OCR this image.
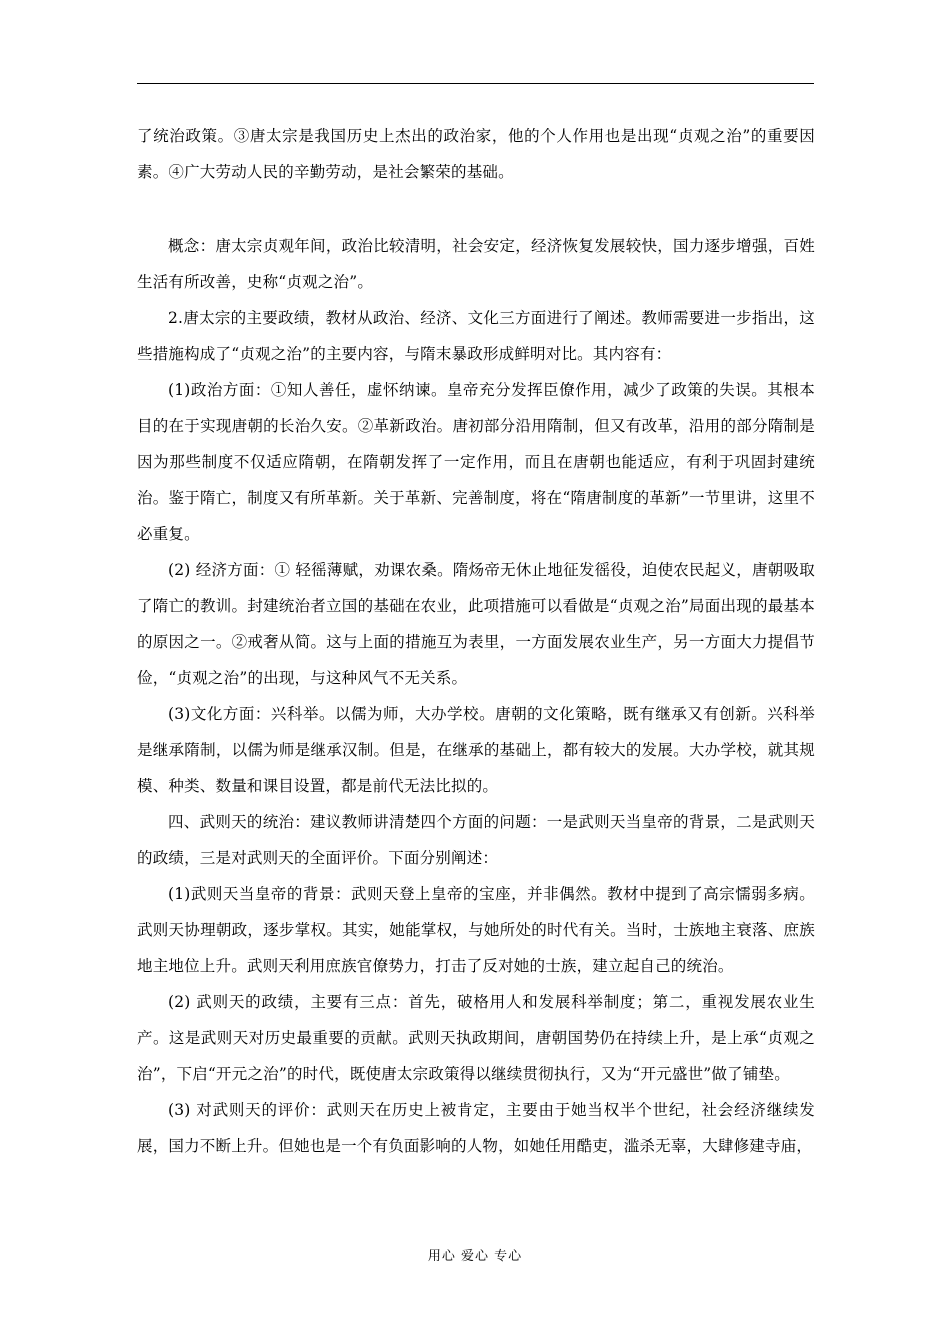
了统治政策。③唐太宗是我国历史上杰出的政治家，他的个人作用也是出现“贞观之治”的重要因素。④广大劳动人民的辛勤劳动，是社会繁荣的基础。

概念：唐太宗贞观年间，政治比较清明，社会安定，经济恢复发展较快，国力逐步增强，百姓生活有所改善，史称“贞观之治”。

2.唐太宗的主要政绩，教材从政治、经济、文化三方面进行了阐述。教师需要进一步指出，这些措施构成了“贞观之治”的主要内容，与隋末暴政形成鲜明对比。其内容有：

(1)政治方面：①知人善任，虚怀纳谏。皇帝充分发挥臣僚作用，减少了政策的失误。其根本目的在于实现唐朝的长治久安。②革新政治。唐初部分沿用隋制，但又有改革，沿用的部分隋制是因为那些制度不仅适应隋朝，在隋朝发挥了一定作用，而且在唐朝也能适应，有利于巩固封建统治。鉴于隋亡，制度又有所革新。关于革新、完善制度，将在“隋唐制度的革新”一节里讲，这里不必重复。

(2) 经济方面：① 轻徭薄赋，劝课农桑。隋炀帝无休止地征发徭役，迫使农民起义，唐朝吸取了隋亡的教训。封建统治者立国的基础在农业，此项措施可以看做是“贞观之治”局面出现的最基本的原因之一。②戒奢从简。这与上面的措施互为表里，一方面发展农业生产，另一方面大力提倡节俭，“贞观之治”的出现，与这种风气不无关系。

(3)文化方面：兴科举。以儒为师，大办学校。唐朝的文化策略，既有继承又有创新。兴科举是继承隋制，以儒为师是继承汉制。但是，在继承的基础上，都有较大的发展。大办学校，就其规模、种类、数量和课目设置，都是前代无法比拟的。

四、武则天的统治：建议教师讲清楚四个方面的问题：一是武则天当皇帝的背景，二是武则天的政绩，三是对武则天的全面评价。下面分别阐述：

(1)武则天当皇帝的背景：武则天登上皇帝的宝座，并非偶然。教材中提到了高宗懦弱多病。武则天协理朝政，逐步掌权。其实，她能掌权，与她所处的时代有关。当时，士族地主衰落、庶族地主地位上升。武则天利用庶族官僚势力，打击了反对她的士族，建立起自己的统治。

(2) 武则天的政绩，主要有三点：首先，破格用人和发展科举制度；第二，重视发展农业生产。这是武则天对历史最重要的贡献。武则天执政期间，唐朝国势仍在持续上升，是上承“贞观之治”，下启“开元之治”的时代，既使唐太宗政策得以继续贯彻执行，又为“开元盛世”做了铺垫。

(3) 对武则天的评价：武则天在历史上被肯定，主要由于她当权半个世纪，社会经济继续发展，国力不断上升。但她也是一个有负面影响的人物，如她任用酷吏，滥杀无辜，大肆修建寺庙，

用心 爱心 专心
